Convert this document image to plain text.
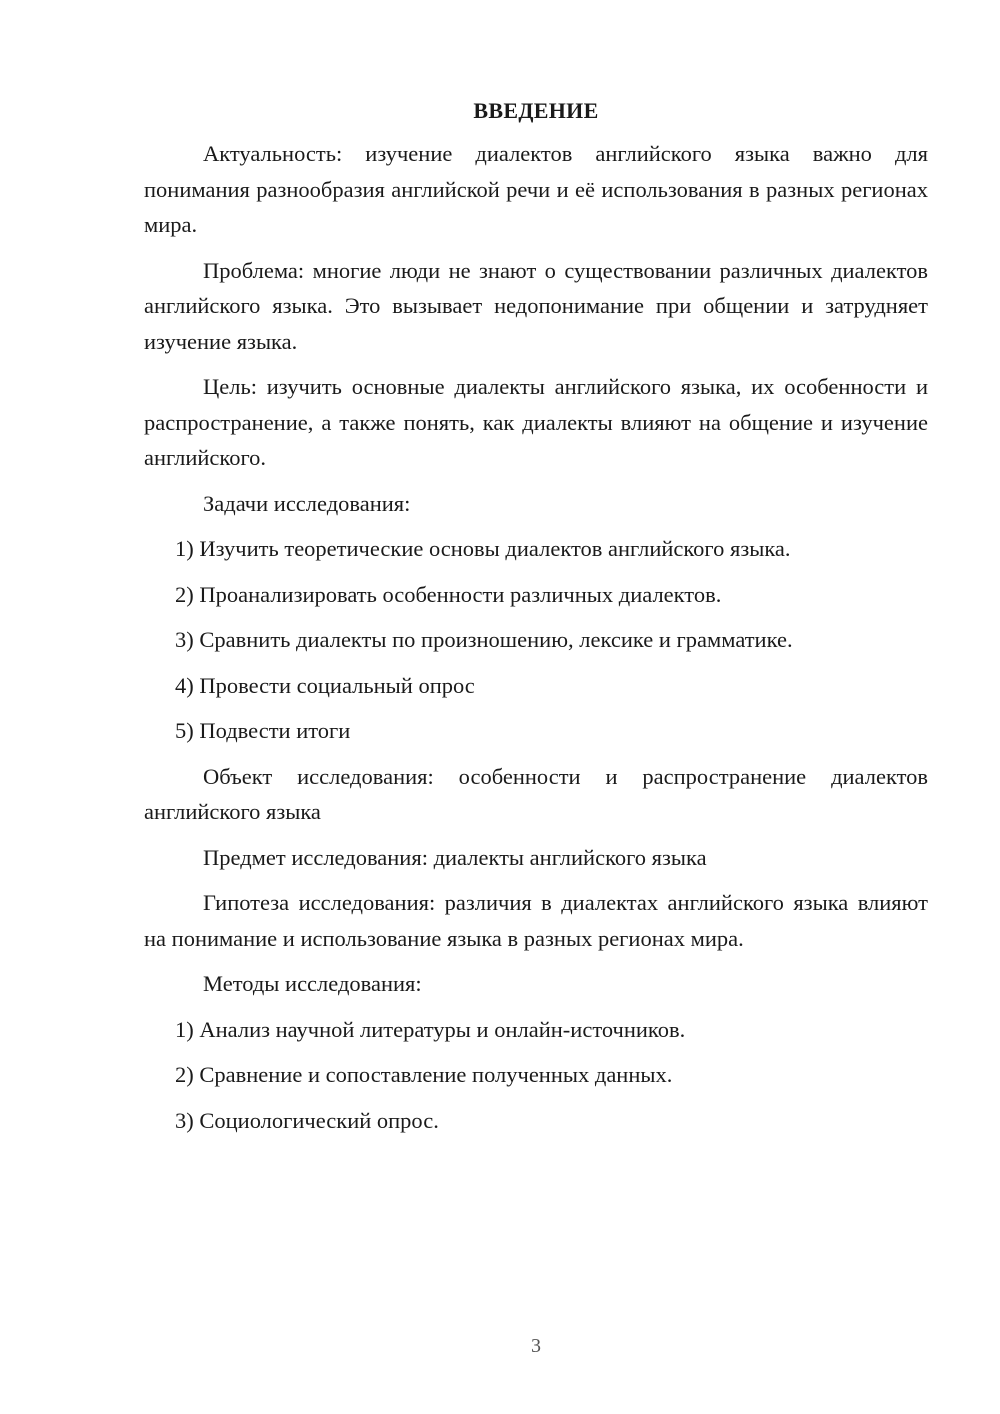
ВВЕДЕНИЕ

Актуальность: изучение диалектов английского языка важно для понимания разнообразия английской речи и её использования в разных регионах мира.

Проблема: многие люди не знают о существовании различных диалектов английского языка. Это вызывает недопонимание при общении и затрудняет изучение языка.

Цель: изучить основные диалекты английского языка, их особенности и распространение, а также понять, как диалекты влияют на общение и изучение английского.

Задачи исследования:
1) Изучить теоретические основы диалектов английского языка.
2) Проанализировать особенности различных диалектов.
3) Сравнить диалекты по произношению, лексике и грамматике.
4) Провести социальный опрос
5) Подвести итоги

Объект исследования: особенности и распространение диалектов английского языка

Предмет исследования: диалекты английского языка

Гипотеза исследования: различия в диалектах английского языка влияют на понимание и использование языка в разных регионах мира.

Методы исследования:
1) Анализ научной литературы и онлайн-источников.
2) Сравнение и сопоставление полученных данных.
3) Социологический опрос.
3
